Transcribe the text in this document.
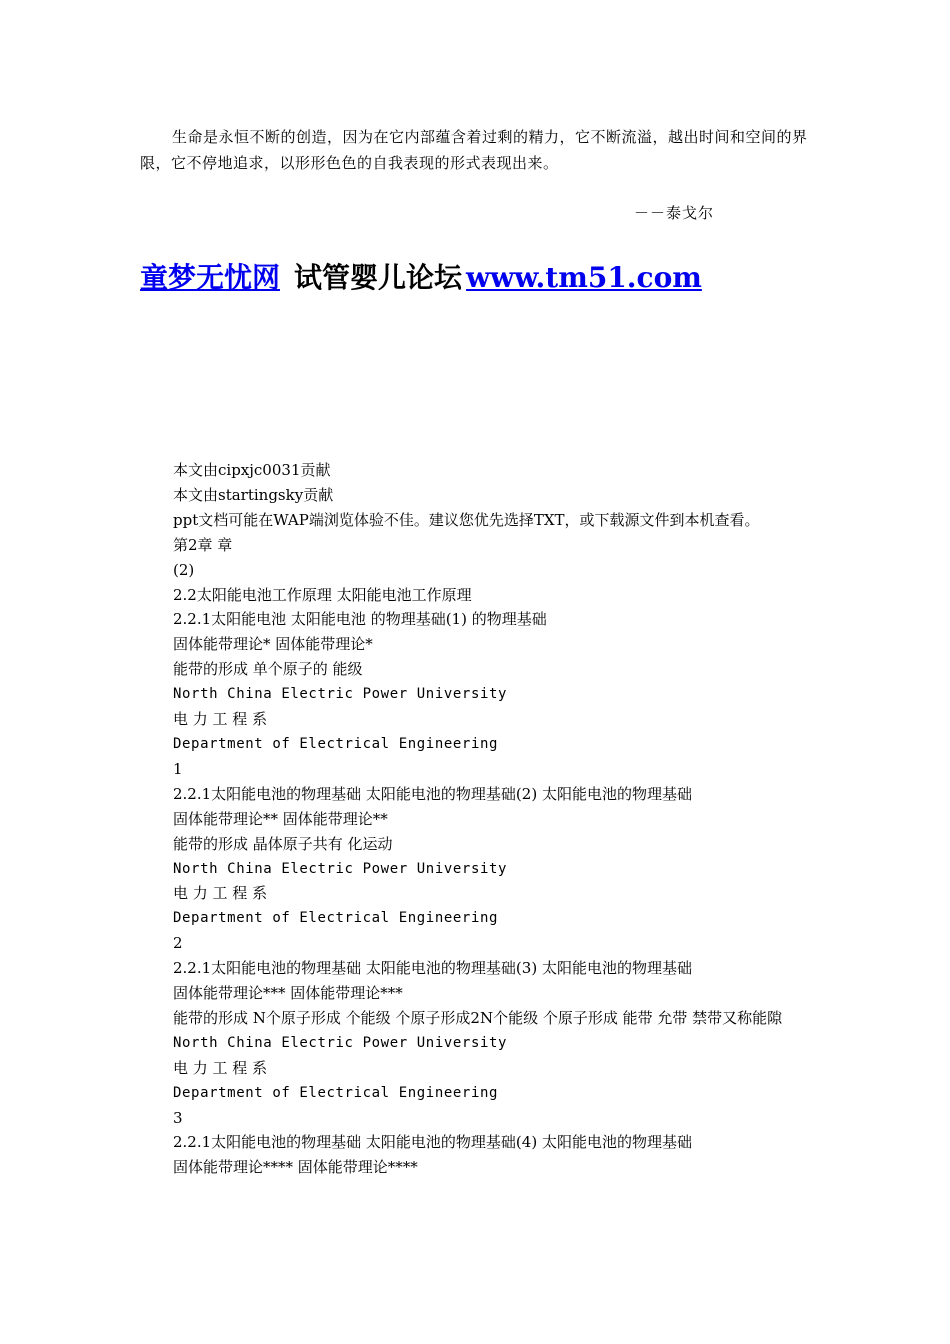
生命是永恒不断的创造，因为在它内部蕴含着过剩的精力，它不断流溢，越出时间和空间的界限，它不停地追求，以形形色色的自我表现的形式表现出来。

－－泰戈尔

童梦无忧网 试管婴儿论坛 www.tm51.com
本文由cipxjc0031贡献
本文由startingsky贡献
ppt文档可能在WAP端浏览体验不佳。建议您优先选择TXT，或下载源文件到本机查看。
第2章 章
(2)
2.2太阳能电池工作原理 太阳能电池工作原理
2.2.1太阳能电池 太阳能电池 的物理基础(1) 的物理基础
固体能带理论* 固体能带理论*
能带的形成 单个原子的 能级
North China Electric Power University
电 力 工 程 系
Department of Electrical Engineering
1
2.2.1太阳能电池的物理基础 太阳能电池的物理基础(2) 太阳能电池的物理基础
固体能带理论** 固体能带理论**
能带的形成 晶体原子共有 化运动
North China Electric Power University
电 力 工 程 系
Department of Electrical Engineering
2
2.2.1太阳能电池的物理基础 太阳能电池的物理基础(3) 太阳能电池的物理基础
固体能带理论*** 固体能带理论***
能带的形成 N个原子形成 个能级 个原子形成2N个能级 个原子形成 能带 允带 禁带又称能隙
North China Electric Power University
电 力 工 程 系
Department of Electrical Engineering
3
2.2.1太阳能电池的物理基础 太阳能电池的物理基础(4) 太阳能电池的物理基础
固体能带理论**** 固体能带理论****
